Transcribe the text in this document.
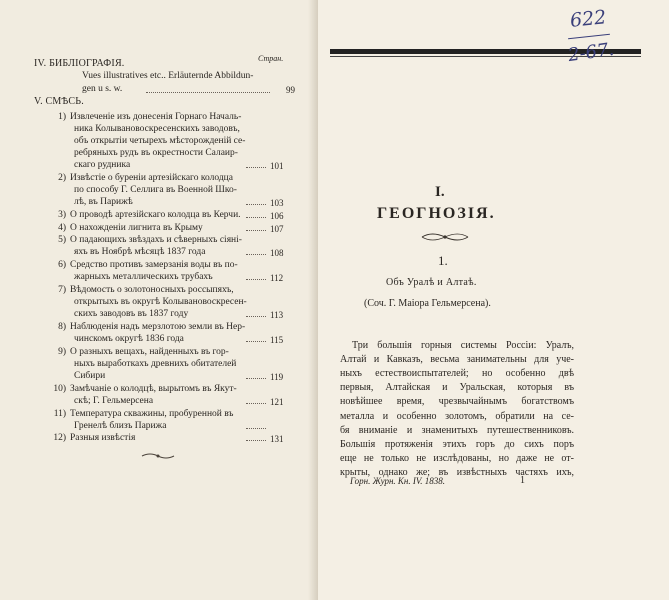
Стран.
IV. БИБЛIОГРАФIЯ.
Vues illustratives etc.. Erläuternde Abbildun-
gen u s. w.	99
V. СМѢСЬ.
1) Извлеченiе изъ донесенiя Горнаго Началь-
ника Колывановоскресенскихъ заводовъ,
объ открытiи четырехъ мѣсторожденiй се-
ребряныхъ рудъ въ окрестности Салаир-
скаго рудника	101
2) Извѣстiе о буренiи артезiйскаго колодца
по способу Г. Селлига въ Военной Шко-
лѣ, въ Парижѣ	103
3) О проводѣ артезiйскаго колодца въ Керчи.	106
4) О нахожденiи лигнита въ Крыму	107
5) О падающихъ звѣздахъ и сѣверныхъ сiянi-
яхъ въ Ноябрѣ мѣсяцѣ 1837 года	108
6) Средство противъ замерзанiя воды въ по-
жарныхъ металлическихъ трубахъ	112
7) Вѣдомость о золотоносныхъ россыпяхъ,
открытыхъ въ округѣ Колывановоскресен-
скихъ заводовъ въ 1837 году	113
8) Наблюденiя надъ мерзлотою земли въ Нер-
чинскомъ округѣ 1836 года	115
9) О разныхъ вещахъ, найденныхъ въ гор-
ныхъ выработкахъ древнихъ обитателей
Сибири	119
10) Замѣчанiе о колодцѣ, вырытомъ въ Якут-
скѣ; Г. Гельмерсена	121
11) Температура скважины, пробуренной въ
Гренелѣ близъ Парижа
12) Разныя извѣстiя	131
622
2-67.
I.
ГЕОГНОЗIЯ.
1.
Объ Уралѣ и Алтаѣ.
(Соч. Г. Маiора Гельмерсена).
Три большiя горныя системы Россiи: Уралъ,
Алтай и Кавказъ, весьма занимательны для уче-
ныхъ естествоиспытателей; но особенно двѣ
первыя, Алтайская и Уральская, которыя въ
новѣйшее время, чрезвычайнымъ богатствомъ
металла и особенно золотомъ, обратили на се-
бя вниманiе и знаменитыхъ путешественниковъ.
Большiя протяженiя этихъ горъ до сихъ поръ
еще не только не изслѣдованы, но даже не от-
крыты, однако же; въ извѣстныхъ частяхъ ихъ,
Горн. Журн. Кн. IV. 1838.	1
